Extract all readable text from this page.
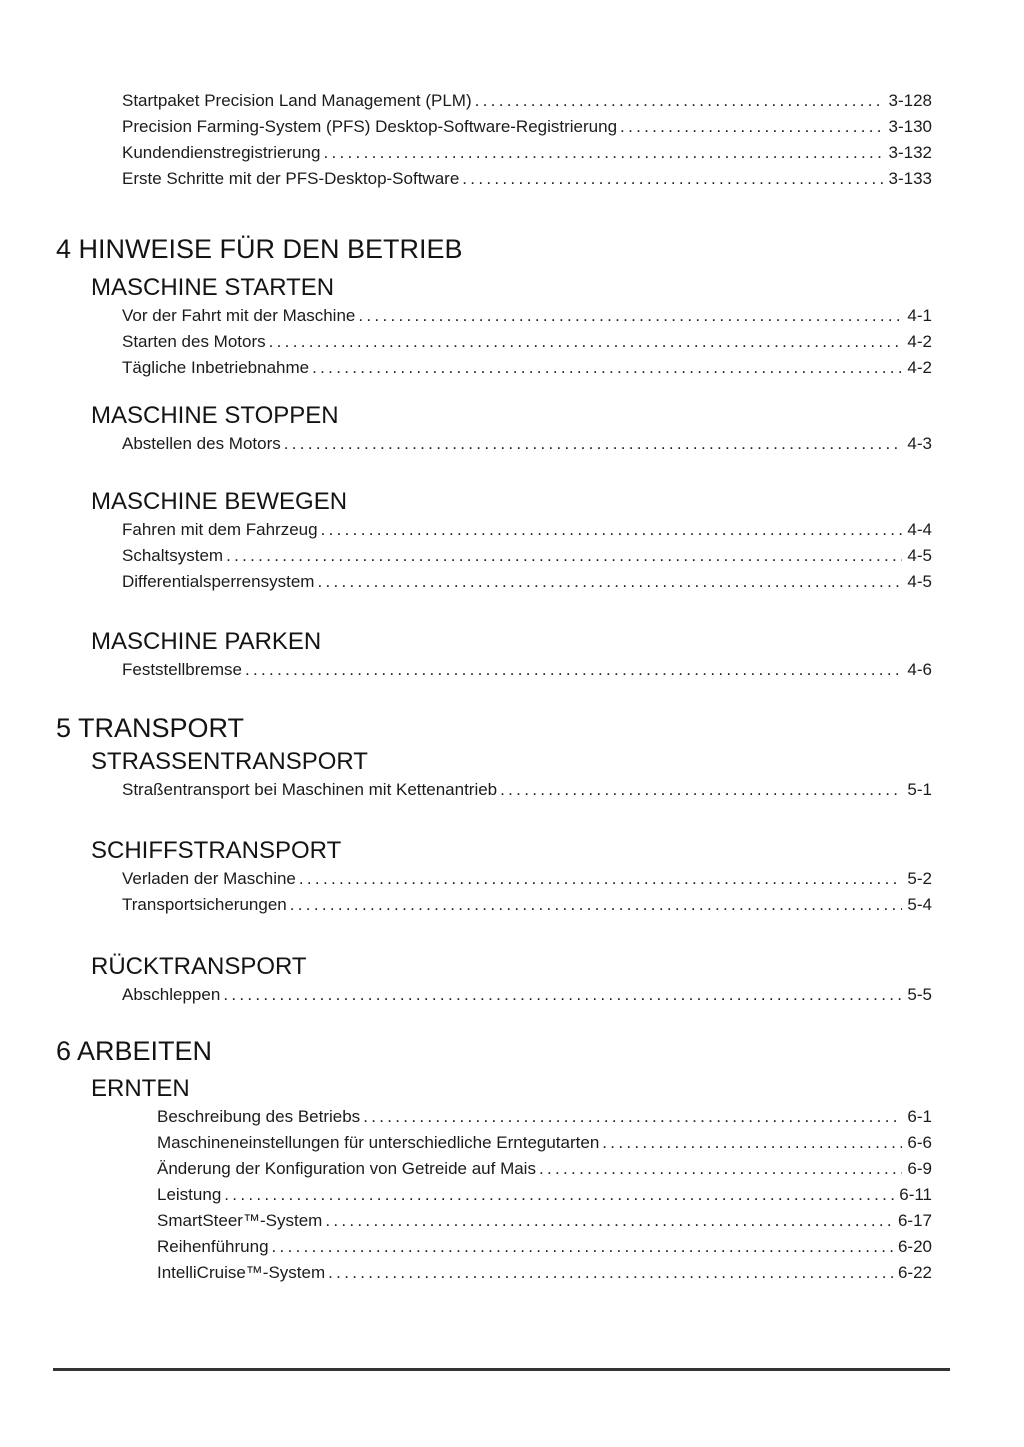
Startpaket Precision Land Management (PLM) .....	3-128
Precision Farming-System (PFS) Desktop-Software-Registrierung .....	3-130
Kundendienstregistrierung .....	3-132
Erste Schritte mit der PFS-Desktop-Software .....	3-133
4 HINWEISE FÜR DEN BETRIEB
MASCHINE STARTEN
Vor der Fahrt mit der Maschine .....	4-1
Starten des Motors .....	4-2
Tägliche Inbetriebnahme .....	4-2
MASCHINE STOPPEN
Abstellen des Motors .....	4-3
MASCHINE BEWEGEN
Fahren mit dem Fahrzeug .....	4-4
Schaltsystem .....	4-5
Differentialsperrensystem .....	4-5
MASCHINE PARKEN
Feststellbremse .....	4-6
5 TRANSPORT
STRASSENTRANSPORT
Straßentransport bei Maschinen mit Kettenantrieb .....	5-1
SCHIFFSTRANSPORT
Verladen der Maschine .....	5-2
Transportsicherungen .....	5-4
RÜCKTRANSPORT
Abschleppen .....	5-5
6 ARBEITEN
ERNTEN
Beschreibung des Betriebs .....	6-1
Maschineneinstellungen für unterschiedliche Erntegutarten .....	6-6
Änderung der Konfiguration von Getreide auf Mais .....	6-9
Leistung .....	6-11
SmartSteer™-System .....	6-17
Reihenführung .....	6-20
IntelliCruise™-System .....	6-22
